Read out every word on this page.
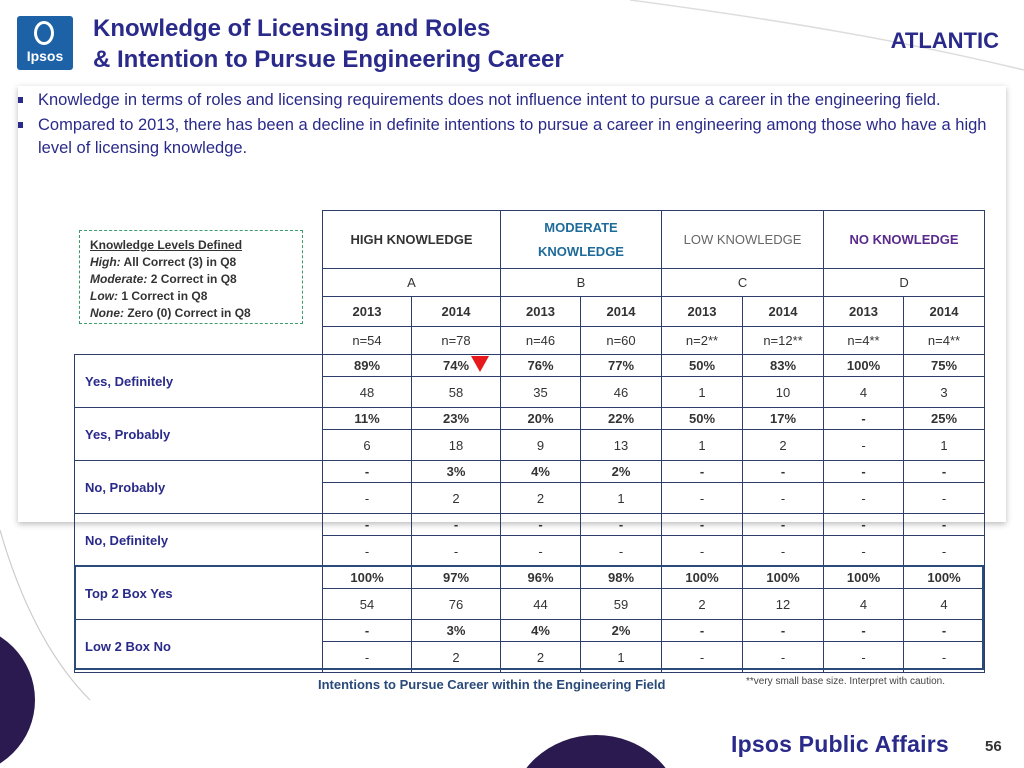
Ipsos
Knowledge of Licensing and Roles
& Intention to Pursue Engineering Career
ATLANTIC
Knowledge in terms of roles and licensing requirements does not influence intent to pursue a career in the engineering field.
Compared to 2013, there has been a decline in definite intentions to pursue a career in engineering among those who have a high level of licensing knowledge.
Knowledge Levels Defined
High: All Correct (3) in Q8
Moderate: 2 Correct in Q8
Low: 1 Correct in Q8
None: Zero (0) Correct in Q8
	HIGH KNOWLEDGE		MODERATE KNOWLEDGE		LOW KNOWLEDGE		NO KNOWLEDGE	
	A		B		C		D	
	2013	2014	2013	2014	2013	2014	2013	2014
	n=54	n=78	n=46	n=60	n=2**	n=12**	n=4**	n=4**
Yes, Definitely	89%	74%	76%	77%	50%	83%	100%	75%
	48	58	35	46	1	10	4	3
Yes, Probably	11%	23%	20%	22%	50%	17%	-	25%
	6	18	9	13	1	2	-	1
No, Probably	-	3%	4%	2%	-	-	-	-
	-	2	2	1	-	-	-	-
No, Definitely	-	-	-	-	-	-	-	-
	-	-	-	-	-	-	-	-
Top 2 Box Yes	100%	97%	96%	98%	100%	100%	100%	100%
	54	76	44	59	2	12	4	4
Low 2 Box No	-	3%	4%	2%	-	-	-	-
	-	2	2	1	-	-	-	-
Intentions to Pursue Career within the Engineering Field	**very small base size. Interpret with caution.
Ipsos Public Affairs 56
